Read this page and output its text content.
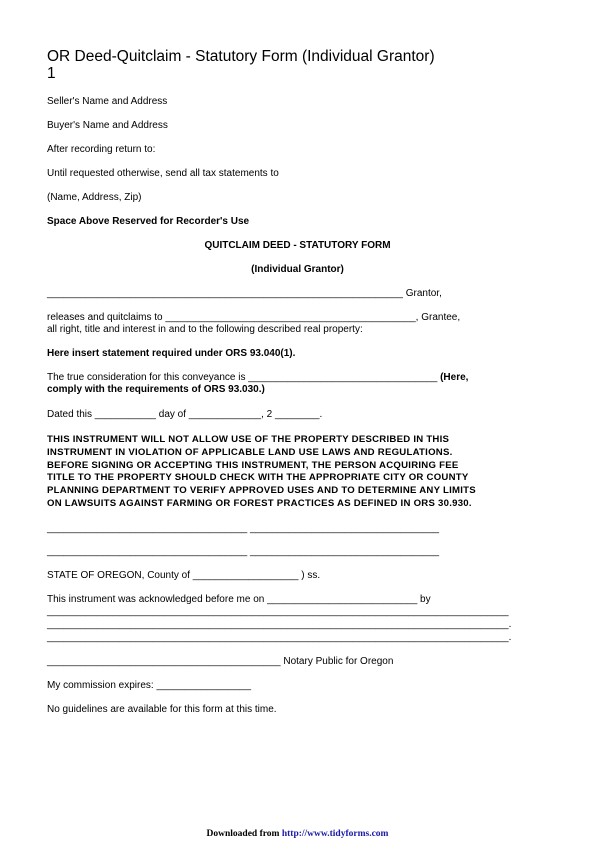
OR Deed-Quitclaim - Statutory Form (Individual Grantor)
1
Seller's Name and Address
Buyer's Name and Address
After recording return to:
Until requested otherwise, send all tax statements to
(Name, Address, Zip)
Space Above Reserved for Recorder's Use
QUITCLAIM DEED - STATUTORY FORM
(Individual Grantor)
________________________________________________________________ Grantor,
releases and quitclaims to _____________________________________________, Grantee,
all right, title and interest in and to the following described real property:
Here insert statement required under ORS 93.040(1).
The true consideration for this conveyance is __________________________________ (Here,
comply with the requirements of ORS 93.030.)
Dated this ___________ day of _____________, 2 ________.
THIS INSTRUMENT WILL NOT ALLOW USE OF THE PROPERTY DESCRIBED IN THIS
INSTRUMENT IN VIOLATION OF APPLICABLE LAND USE LAWS AND REGULATIONS.
BEFORE SIGNING OR ACCEPTING THIS INSTRUMENT, THE PERSON ACQUIRING FEE
TITLE TO THE PROPERTY SHOULD CHECK WITH THE APPROPRIATE CITY OR COUNTY
PLANNING DEPARTMENT TO VERIFY APPROVED USES AND TO DETERMINE ANY LIMITS
ON LAWSUITS AGAINST FARMING OR FOREST PRACTICES AS DEFINED IN ORS 30.930.
____________________________________ __________________________________
____________________________________ __________________________________
STATE OF OREGON, County of ___________________ ) ss.
This instrument was acknowledged before me on ___________________________ by
___________________________________________________________________________________
___________________________________________________________________________________.
___________________________________________________________________________________.
__________________________________________ Notary Public for Oregon
My commission expires: _________________
No guidelines are available for this form at this time.
Downloaded from http://www.tidyforms.com
